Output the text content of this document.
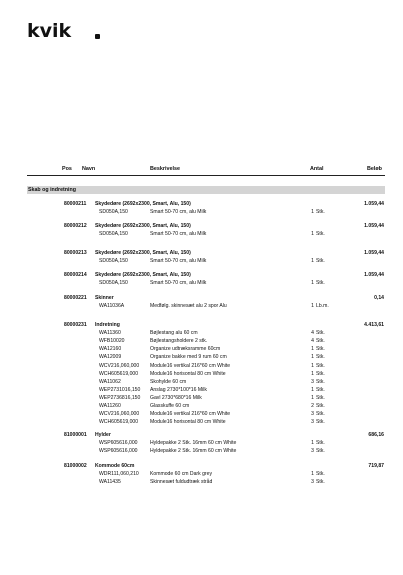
kvik
Pos Navn	Beskrivelse	Antal	Beløb
Skab og indretning
80000211 Skydedøre (2692x2300, Smart, Alu, 150)	1.059,44
SD050A,150	Smart 50-70 cm, alu Milk	1 Stk.
80000212 Skydedøre (2692x2300, Smart, Alu, 150)	1.059,44
SD050A,150	Smart 50-70 cm, alu Milk	1 Stk.
80000213 Skydedøre (2692x2300, Smart, Alu, 150)	1.059,44
SD050A,150	Smart 50-70 cm, alu Milk	1 Stk.
80000214 Skydedøre (2692x2300, Smart, Alu, 150)	1.059,44
SD050A,150	Smart 50-70 cm, alu Milk	1 Stk.
80000221 Skinner	0,14
WA11036A	Medfølg. skinnesæt alu 2 spor Alu	1 Lb.m.
80000231 Indretning	4.413,61
WA11360	Bøjlestang alu 60 cm	4 Stk.
WFB10020	Bøjlestangsholdere 2 stk.	4 Stk.
WA12160	Organize udtræksramme 60cm	1 Stk.
WA12009	Organize bakke med 9 rum 60 cm	1 Stk.
WCV216,060,000 Module16 vertikal 216*60 cm White	1 Stk.
WCH60561​9,000 Module16 horisontal 80 cm White	1 Stk.
WA11062	Skohylde 60 cm	3 Stk.
WEP2731016,150 Anslag 2730*100*16 Milk	1 Stk.
WEP2736816,150 Gavl 2730*680*16 Milk	1 Stk.
WA11260	Glasskuffe 60 cm	2 Stk.
WCV216,060,000 Module16 vertikal 216*60 cm White	3 Stk.
WCH605619,000 Module16 horisontal 80 cm White	3 Stk.
81000001 Hylder	686,16
WSP605616,000 Hyldepakke 2 Stk. 16mm 60 cm White	1 Stk.
WSP605616,000 Hyldepakke 2 Stk. 16mm 60 cm White	3 Stk.
81000002 Kommode 60cm	719,87
WDR111,060,210 Kommode 60 cm Dark grey	1 Stk.
WA11435	Skinnesæt fuldudtræk stråd	3 Stk.
